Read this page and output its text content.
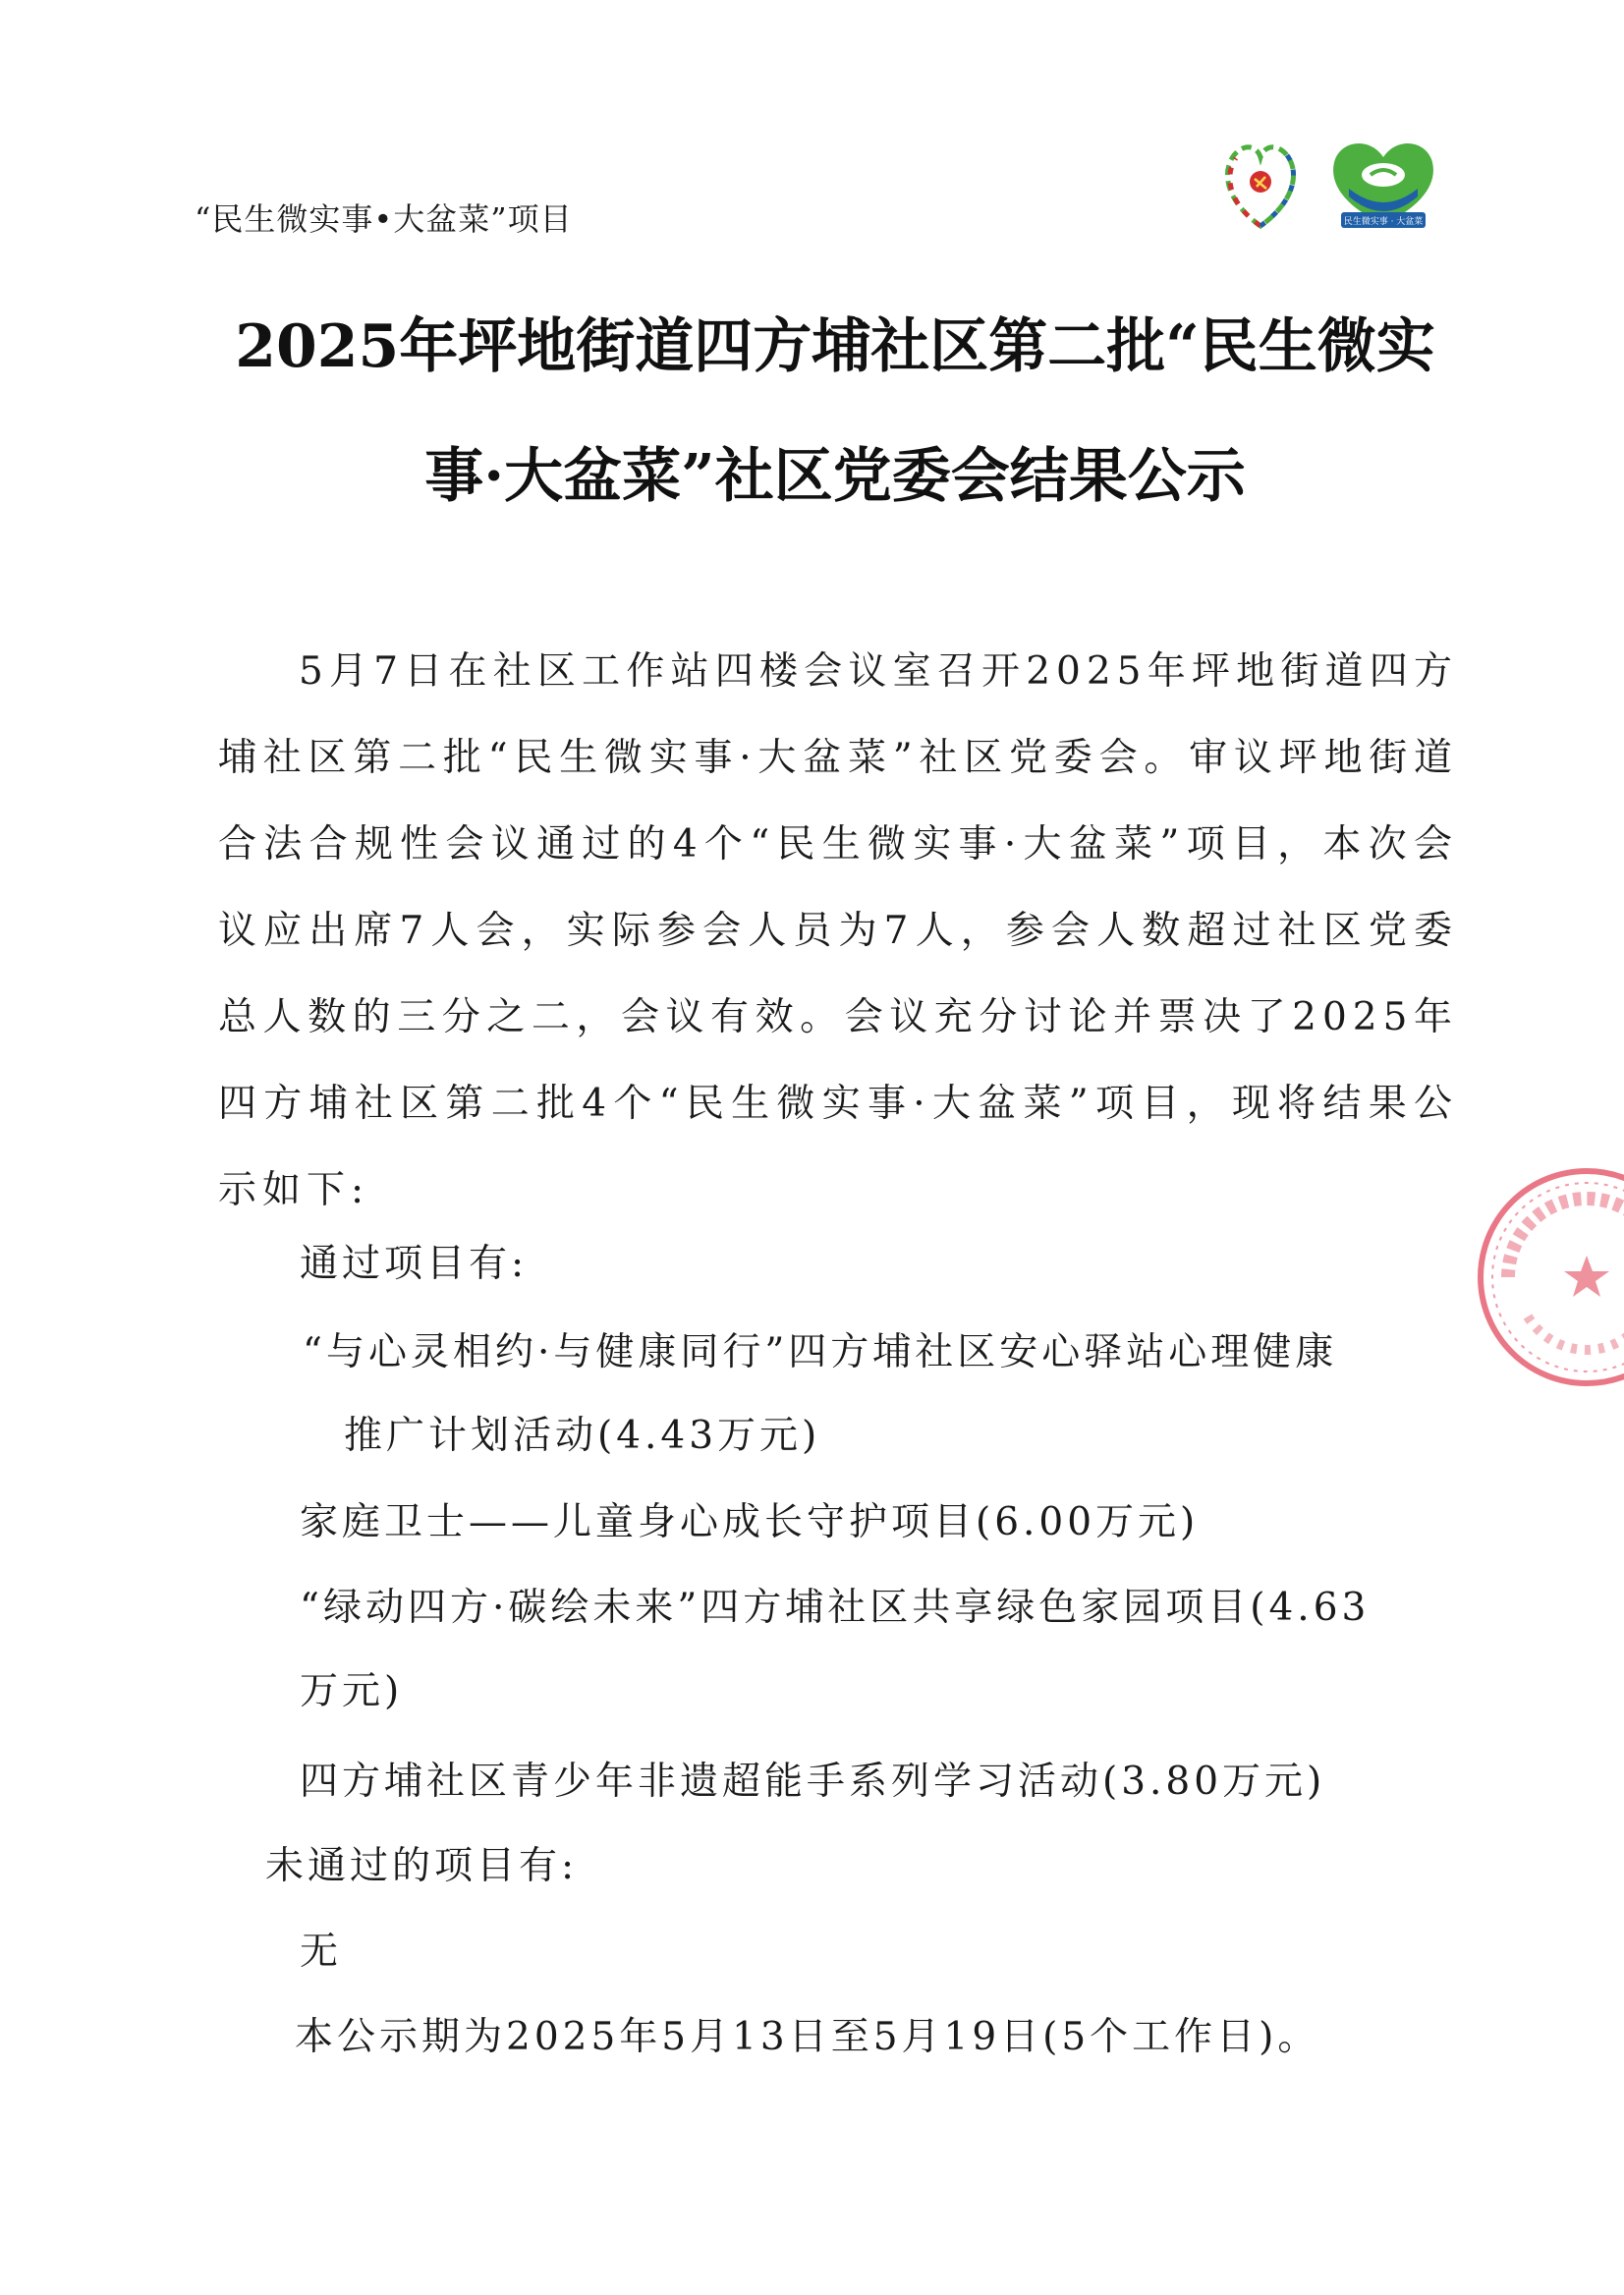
“民生微实事•大盆菜”项目	民生微实事 · 大盆菜
2025年坪地街道四方埔社区第二批“民生微实
事·大盆菜”社区党委会结果公示
5月7日在社区工作站四楼会议室召开2025年坪地街道四方埔社区第二批“民生微实事·大盆菜”社区党委会。审议坪地街道合法合规性会议通过的4个“民生微实事·大盆菜”项目，本次会议应出席7人会，实际参会人员为7人，参会人数超过社区党委总人数的三分之二，会议有效。会议充分讨论并票决了2025年四方埔社区第二批4个“民生微实事·大盆菜”项目，现将结果公示如下:
通过项目有:
“与心灵相约·与健康同行”四方埔社区安心驿站心理健康
推广计划活动(4.43万元)
家庭卫士——儿童身心成长守护项目(6.00万元)
“绿动四方·碳绘未来”四方埔社区共享绿色家园项目(4.63
万元)
四方埔社区青少年非遗超能手系列学习活动(3.80万元)
未通过的项目有:
无
本公示期为2025年5月13日至5月19日(5个工作日)。
